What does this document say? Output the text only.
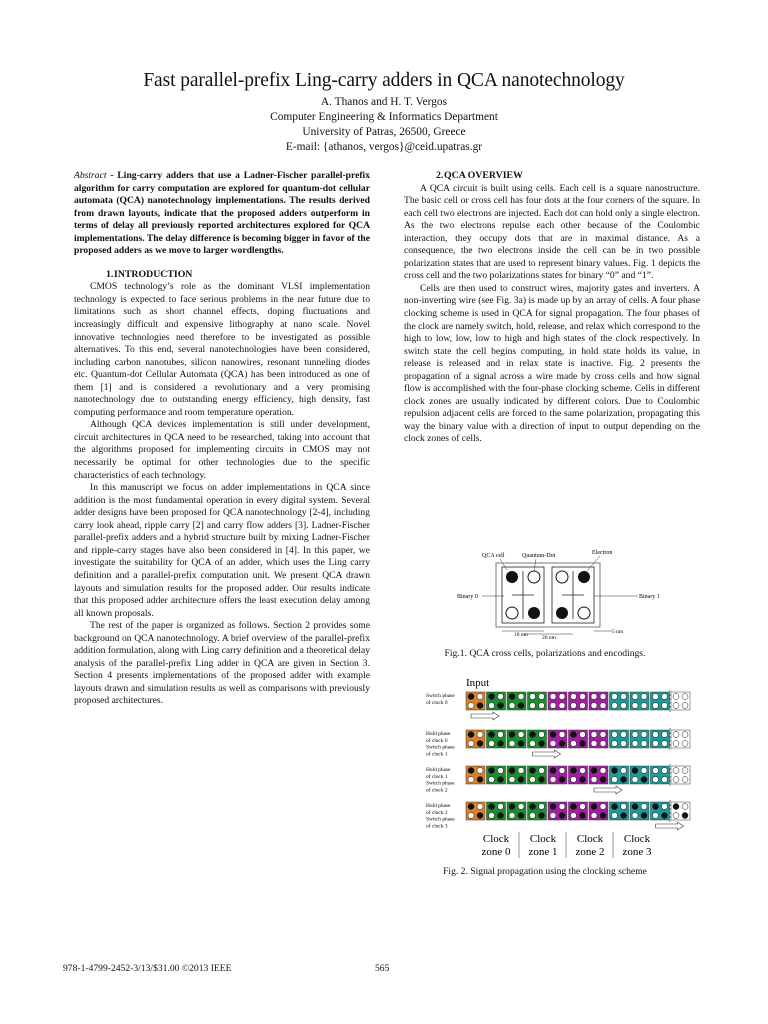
Fast parallel-prefix Ling-carry adders in QCA nanotechnology
A. Thanos and H. T. Vergos
Computer Engineering & Informatics Department
University of Patras, 26500, Greece
E-mail: {athanos, vergos}@ceid.upatras.gr

Abstract - Ling-carry adders that use a Ladner-Fischer parallel-prefix algorithm for carry computation are explored for quantum-dot cellular automata (QCA) nanotechnology implementations. The results derived from drawn layouts, indicate that the proposed adders outperform in terms of delay all previously reported architectures explored for QCA implementations. The delay difference is becoming bigger in favor of the proposed adders as we move to larger wordlengths.

1.INTRODUCTION

CMOS technology’s role as the dominant VLSI implementation technology is expected to face serious problems in the near future due to limitations such as short channel effects, doping fluctuations and increasingly difficult and expensive lithography at nano scale. Novel innovative technologies need therefore to be investigated as possible alternatives. To this end, several nanotechnologies have been considered, including carbon nanotubes, silicon nanowires, resonant tunneling diodes etc. Quantum-dot Cellular Automata (QCA) has been introduced as one of them [1] and is considered a revolutionary and a very promising nanotechnology due to outstanding energy efficiency, high density, fast computing performance and room temperature operation.

Although QCA devices implementation is still under development, circuit architectures in QCA need to be researched, taking into account that the algorithms proposed for implementing circuits in CMOS may not necessarily be optimal for other technologies due to the specific characteristics of each technology.

In this manuscript we focus on adder implementations in QCA since addition is the most fundamental operation in every digital system. Several adder designs have been proposed for QCA nanotechnology [2-4], including carry look ahead, ripple carry [2] and carry flow adders [3]. Ladner-Fischer parallel-prefix adders and a hybrid structure built by mixing Ladner-Fischer and ripple-carry stages have also been considered in [4]. In this paper, we investigate the suitability for QCA of an adder, which uses the Ling carry definition and a parallel-prefix computation unit. We present QCA drawn layouts and simulation results for the proposed adder. Our results indicate that this proposed adder architecture offers the least execution delay among all known proposals.

The rest of the paper is organized as follows. Section 2 provides some background on QCA nanotechnology. A brief overview of the parallel-prefix addition formulation, along with Ling carry definition and a theoretical delay analysis of the parallel-prefix Ling adder in QCA are given in Section 3. Section 4 presents implementations of the proposed adder with example layouts drawn and simulation results as well as comparisons with previously proposed architectures.

2.QCA OVERVIEW

A QCA circuit is built using cells. Each cell is a square nanostructure. The basic cell or cross cell has four dots at the four corners of the square. In each cell two electrons are injected. Each dot can hold only a single electron. As the two electrons repulse each other because of the Coulombic interaction, they occupy dots that are in maximal distance. As a consequence, the two electrons inside the cell can be in two possible polarization states that are used to represent binary values. Fig. 1 depicts the cross cell and the two polarizations states for binary “0” and “1”.

Cells are then used to construct wires, majority gates and inverters. A non-inverting wire (see Fig. 3a) is made up by an array of cells. A four phase clocking scheme is used in QCA for signal propagation. The four phases of the clock are namely switch, hold, release, and relax which correspond to the high to low, low, low to high and high states of the clock respectively. In switch state the cell begins computing, in hold state holds its value, in release is released and in relax state is inactive. Fig. 2 presents the propagation of a signal across a wire made by cross cells and how signal flow is accomplished with the four-phase clocking scheme. Cells in different clock zones are usually indicated by different colors. Due to Coulombic repulsion adjacent cells are forced to the same polarization, propagating this way the binary value with a direction of input to output depending on the clock zones of cells.

QCA cell	Quantum-Dot	Electron
Binary 0	Binary 1
18 nm	20 nm
5 nm
Fig.1. QCA cross cells, polarizations and encodings.
Input
Switch phase
of clock 0
Hold phase
of clock 0
Switch phase
of clock 1
Hold phase
of clock 1
Switch phase
of clock 2
Hold phase
of clock 2
Switch phase
of clock 3
Clock
zone 0
Clock
zone 1
Clock
zone 2
Clock
zone 3
Fig. 2. Signal propagation using the clocking scheme
978-1-4799-2452-3/13/$31.00 ©2013 IEEE	565
